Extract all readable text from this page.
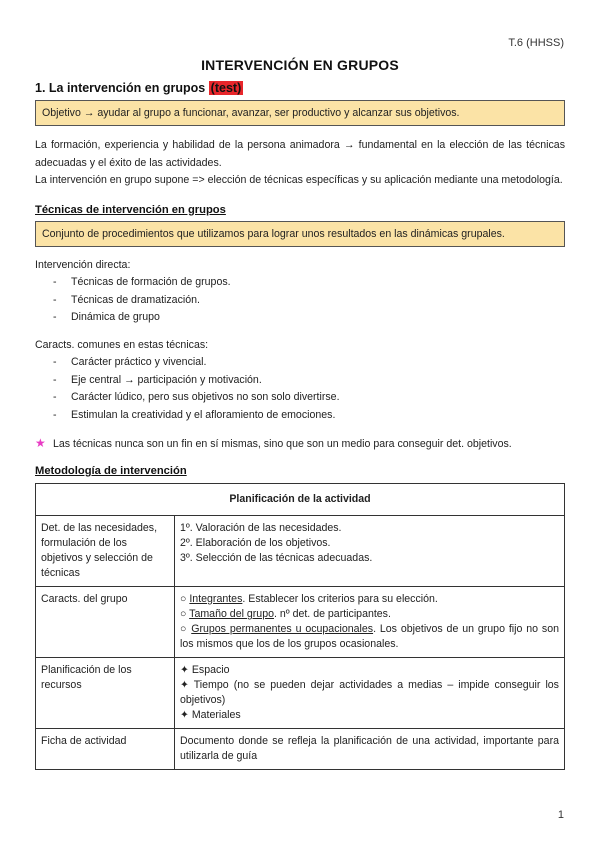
T.6 (HHSS)
INTERVENCIÓN EN GRUPOS
1. La intervención en grupos (test)
Objetivo → ayudar al grupo a funcionar, avanzar, ser productivo y alcanzar sus objetivos.
La formación, experiencia y habilidad de la persona animadora → fundamental en la elección de las técnicas adecuadas y el éxito de las actividades.
La intervención en grupo supone => elección de técnicas específicas y su aplicación mediante una metodología.
Técnicas de intervención en grupos
Conjunto de procedimientos que utilizamos para lograr unos resultados en las dinámicas grupales.
Intervención directa:
- Técnicas de formación de grupos.
- Técnicas de dramatización.
- Dinámica de grupo
Caracts. comunes en estas técnicas:
- Carácter práctico y vivencial.
- Eje central → participación y motivación.
- Carácter lúdico, pero sus objetivos no son solo divertirse.
- Estimulan la creatividad y el afloramiento de emociones.
★ Las técnicas nunca son un fin en sí mismas, sino que son un medio para conseguir det. objetivos.
Metodología de intervención
Planificación de la actividad	
Det. de las necesidades, formulación de los objetivos y selección de técnicas	1º. Valoración de las necesidades.
2º. Elaboración de los objetivos.
3º. Selección de las técnicas adecuadas.

Caracts. del grupo	○ Integrantes. Establecer los criterios para su elección.
○ Tamaño del grupo. nº det. de participantes.
○ Grupos permanentes u ocupacionales. Los objetivos de un grupo fijo no son los mismos que los de los grupos ocasionales.

Planificación de los recursos	✦ Espacio
✦ Tiempo (no se pueden dejar actividades a medias – impide conseguir los objetivos)
✦ Materiales

Ficha de actividad	Documento donde se refleja la planificación de una actividad, importante para utilizarla de guía
1
